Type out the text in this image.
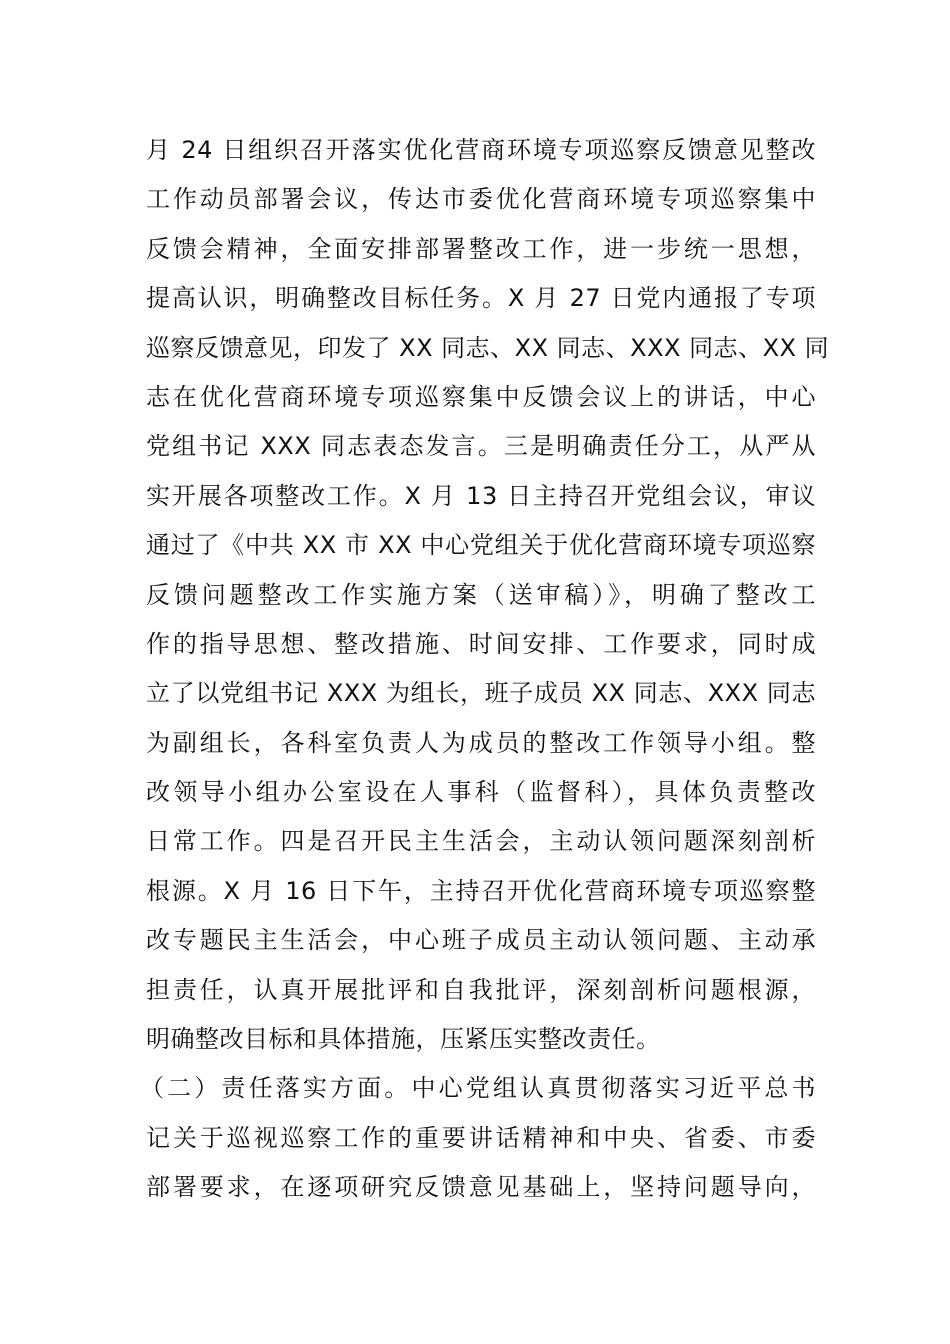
月 24 日组织召开落实优化营商环境专项巡察反馈意见整改
工作动员部署会议，传达市委优化营商环境专项巡察集中
反馈会精神，全面安排部署整改工作，进一步统一思想，
提高认识，明确整改目标任务。X 月 27 日党内通报了专项
巡察反馈意见，印发了 XX 同志、XX 同志、XXX 同志、XX 同
志在优化营商环境专项巡察集中反馈会议上的讲话，中心
党组书记 XXX 同志表态发言。三是明确责任分工，从严从
实开展各项整改工作。X 月 13 日主持召开党组会议，审议
通过了《中共 XX 市 XX 中心党组关于优化营商环境专项巡察
反馈问题整改工作实施方案（送审稿）》，明确了整改工
作的指导思想、整改措施、时间安排、工作要求，同时成
立了以党组书记 XXX 为组长，班子成员 XX 同志、XXX 同志
为副组长，各科室负责人为成员的整改工作领导小组。整
改领导小组办公室设在人事科（监督科），具体负责整改
日常工作。四是召开民主生活会，主动认领问题深刻剖析
根源。X 月 16 日下午，主持召开优化营商环境专项巡察整
改专题民主生活会，中心班子成员主动认领问题、主动承
担责任，认真开展批评和自我批评，深刻剖析问题根源，
明确整改目标和具体措施，压紧压实整改责任。
（二）责任落实方面。中心党组认真贯彻落实习近平总书
记关于巡视巡察工作的重要讲话精神和中央、省委、市委
部署要求，在逐项研究反馈意见基础上，坚持问题导向，
